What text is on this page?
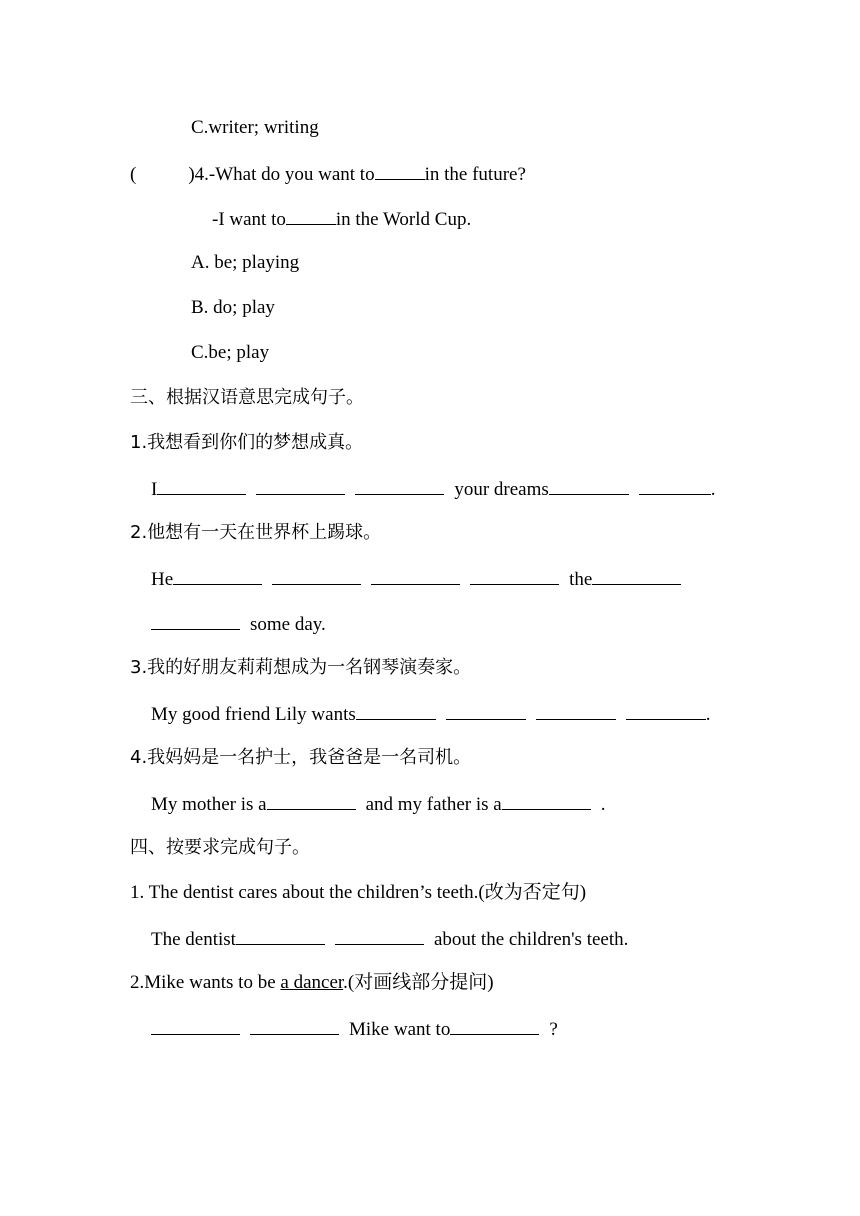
C.writer; writing
(	)4.-What do you want to	in the future?
-I want to	in the World Cup.
A. be; playing
B. do; play
C.be; play
三、根据汉语意思完成句子。
1.我想看到你们的梦想成真。
I	your dreams	.
2.他想有一天在世界杯上踢球。
He	the
some day.
3.我的好朋友莉莉想成为一名钢琴演奏家。
My good friend Lily wants	.
4.我妈妈是一名护士，我爸爸是一名司机。
My mother is a	and my father is a	.
四、按要求完成句子。
1. The dentist cares about the children’s teeth.(改为否定句)
The dentist	about the children's teeth.
2.Mike wants to be a dancer.(对画线部分提问)
Mike want to	?
